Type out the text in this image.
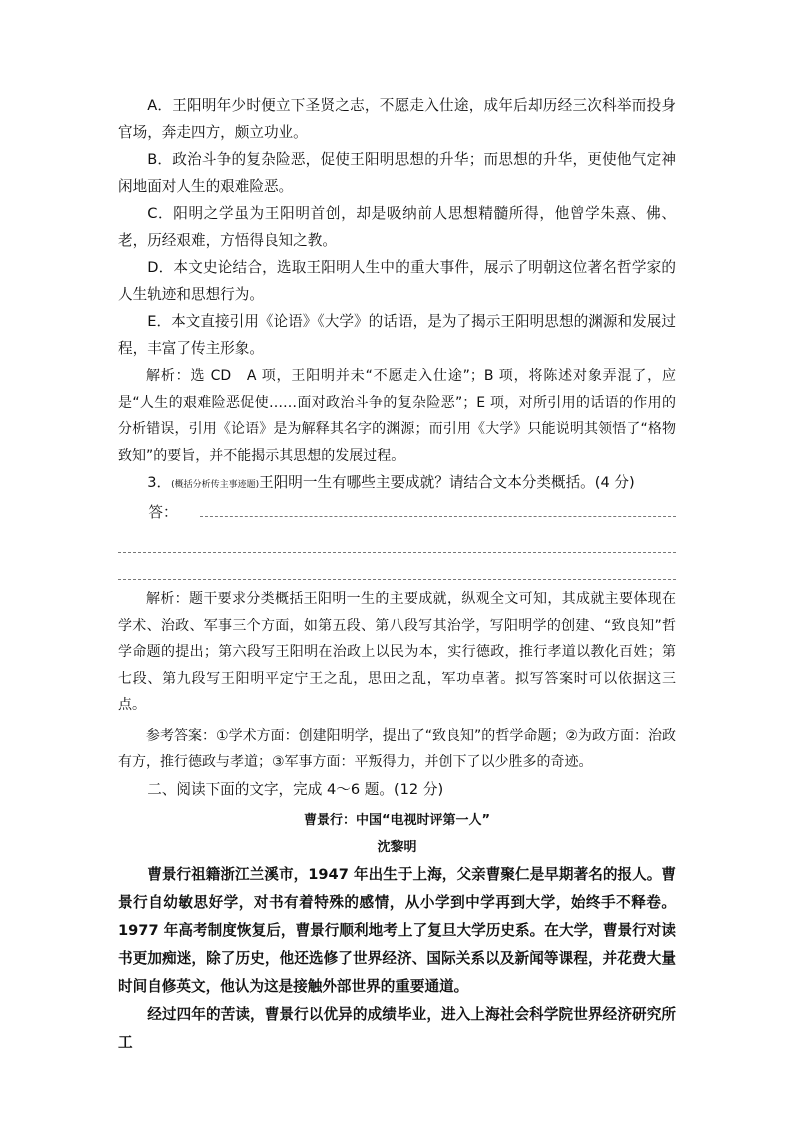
A．王阳明年少时便立下圣贤之志，不愿走入仕途，成年后却历经三次科举而投身官场，奔走四方，颇立功业。

B．政治斗争的复杂险恶，促使王阳明思想的升华；而思想的升华，更使他气定神闲地面对人生的艰难险恶。

C．阳明之学虽为王阳明首创，却是吸纳前人思想精髓所得，他曾学朱熹、佛、老，历经艰难，方悟得良知之教。

D．本文史论结合，选取王阳明人生中的重大事件，展示了明朝这位著名哲学家的人生轨迹和思想行为。

E．本文直接引用《论语》《大学》的话语，是为了揭示王阳明思想的渊源和发展过程，丰富了传主形象。

解析：选 CD　A 项，王阳明并未“不愿走入仕途”；B 项，将陈述对象弄混了，应是“人生的艰难险恶促使……面对政治斗争的复杂险恶”；E 项，对所引用的话语的作用的分析错误，引用《论语》是为解释其名字的渊源；而引用《大学》只能说明其领悟了“格物致知”的要旨，并不能揭示其思想的发展过程。

3．(概括分析传主事迹题)王阳明一生有哪些主要成就？请结合文本分类概括。(4 分)

答：

解析：题干要求分类概括王阳明一生的主要成就，纵观全文可知，其成就主要体现在学术、治政、军事三个方面，如第五段、第八段写其治学，写阳明学的创建、“致良知”哲学命题的提出；第六段写王阳明在治政上以民为本，实行德政，推行孝道以教化百姓；第七段、第九段写王阳明平定宁王之乱，思田之乱，军功卓著。拟写答案时可以依据这三点。

参考答案：①学术方面：创建阳明学，提出了“致良知”的哲学命题；②为政方面：治政有方，推行德政与孝道；③军事方面：平叛得力，并创下了以少胜多的奇迹。

二、阅读下面的文字，完成 4～6 题。(12 分)

曹景行：中国“电视时评第一人”

沈黎明

曹景行祖籍浙江兰溪市，1947 年出生于上海，父亲曹聚仁是早期著名的报人。曹景行自幼敏思好学，对书有着特殊的感情，从小学到中学再到大学，始终手不释卷。1977 年高考制度恢复后，曹景行顺利地考上了复旦大学历史系。在大学，曹景行对读书更加痴迷，除了历史，他还选修了世界经济、国际关系以及新闻等课程，并花费大量时间自修英文，他认为这是接触外部世界的重要通道。

经过四年的苦读，曹景行以优异的成绩毕业，进入上海社会科学院世界经济研究所工
